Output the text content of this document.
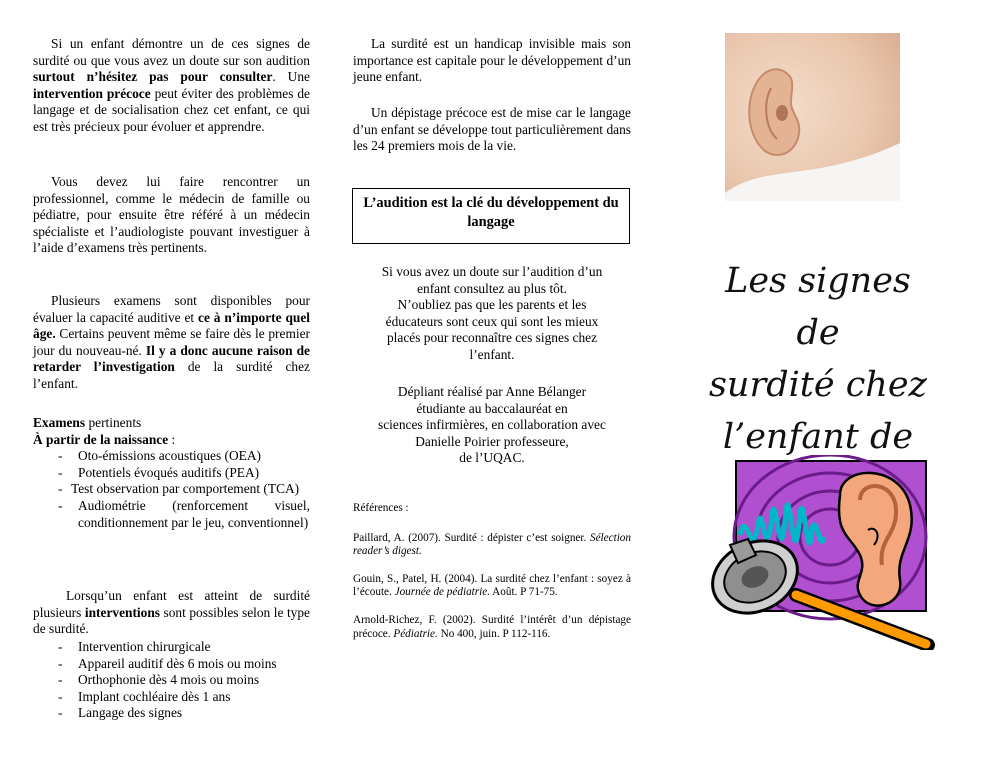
Si un enfant démontre un de ces signes de surdité ou que vous avez un doute sur son audition surtout n’hésitez pas pour consulter. Une intervention précoce peut éviter des problèmes de langage et de socialisation chez cet enfant, ce qui est très précieux pour évoluer et apprendre.

Vous devez lui faire rencontrer un professionnel, comme le médecin de famille ou pédiatre, pour ensuite être référé à un médecin spécialiste et l’audiologiste pouvant investiguer à l’aide d’examens très pertinents.

Plusieurs examens sont disponibles pour évaluer la capacité auditive et ce à n’importe quel âge. Certains peuvent même se faire dès le premier jour du nouveau-né. Il y a donc aucune raison de retarder l’investigation de la surdité chez l’enfant.

Examens pertinents
À partir de la naissance :
- Oto-émissions acoustiques (OEA)
- Potentiels évoqués auditifs (PEA)
- Test observation par comportement (TCA)
- Audiométrie (renforcement visuel, conditionnement par le jeu, conventionnel)

Lorsqu’un enfant est atteint de surdité plusieurs interventions sont possibles selon le type de surdité.

- Intervention chirurgicale
- Appareil auditif dès 6 mois ou moins
- Orthophonie dès 4 mois ou moins
- Implant cochléaire dès 1 ans
- Langage des signes

La surdité est un handicap invisible mais son importance est capitale pour le développement d’un jeune enfant.

Un dépistage précoce est de mise car le langage d’un enfant se développe tout particulièrement dans les 24 premiers mois de la vie.

Si vous avez un doute sur l’audition d’un enfant consultez au plus tôt.
N’oubliez pas que les parents et les éducateurs sont ceux qui sont les mieux placés pour reconnaître ces signes chez l’enfant.
Dépliant réalisé par Anne Bélanger
étudiante au baccalauréat en
sciences infirmières, en collaboration avec
Danielle Poirier professeure,
de l’UQAC.

Références :

Paillard, A. (2007). Surdité : dépister c’est soigner. Sélection reader’s digest.

Gouin, S., Patel, H. (2004). La surdité chez l’enfant : soyez à l’écoute. Journée de pédiatrie. Août. P 71-75.

Arnold-Richez, F. (2002). Surdité l’intérêt d’un dépistage précoce. Pédiatrie. No 400, juin. P 112-116.

L’audition est la clé du développement du langage
Les signes de
surdité chez
l’enfant de
